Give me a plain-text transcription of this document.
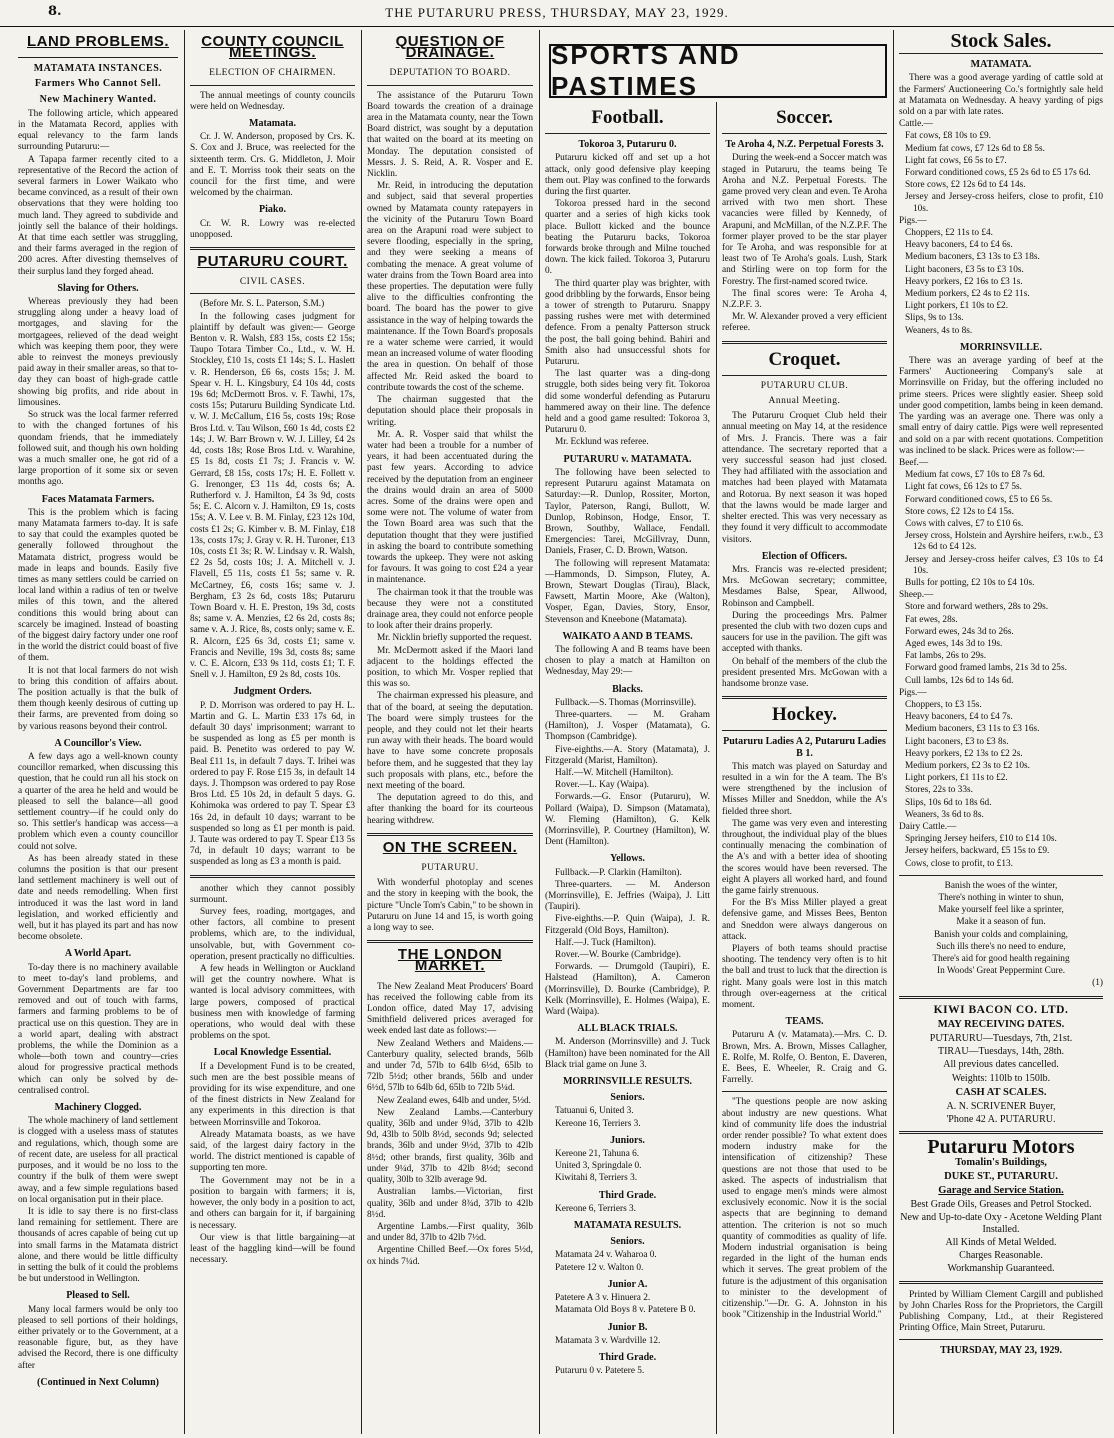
8.	THE PUTARURU PRESS, THURSDAY, MAY 23, 1929.
LAND PROBLEMS.
MATAMATA INSTANCES.
Farmers Who Cannot Sell.
New Machinery Wanted.

The following article, which appeared in the Matamata Record, applies with equal relevancy to the farm lands surrounding Putaruru:—

A Tapapa farmer recently cited to a representative of the Record the action of several farmers in Lower Waikato who became convinced, as a result of their own observations that they were holding too much land. They agreed to subdivide and jointly sell the balance of their holdings. At that time each settler was struggling, and their farms averaged in the region of 200 acres. After divesting themselves of their surplus land they forged ahead.

Slaving for Others.

Whereas previously they had been struggling along under a heavy load of mortgages, and slaving for the mortgagees, relieved of the dead weight which was keeping them poor, they were able to reinvest the moneys previously paid away in their smaller areas, so that to-day they can boast of high-grade cattle showing big profits, and ride about in limousines.

So struck was the local farmer referred to with the changed fortunes of his quondam friends, that he immediately followed suit, and though his own holding was a much smaller one, he got rid of a large proportion of it some six or seven months ago.

Faces Matamata Farmers.

This is the problem which is facing many Matamata farmers to-day. It is safe to say that could the examples quoted be generally followed throughout the Matamata district, progress would be made in leaps and bounds. Easily five times as many settlers could be carried on local land within a radius of ten or twelve miles of this town, and the altered conditions this would bring about can scarcely be imagined. Instead of boasting of the biggest dairy factory under one roof in the world the district could boast of five of them.

It is not that local farmers do not wish to bring this condition of affairs about. The position actually is that the bulk of them though keenly desirous of cutting up their farms, are prevented from doing so by various reasons beyond their control.

A Councillor's View.

A few days ago a well-known county councillor remarked, when discussing this question, that he could run all his stock on a quarter of the area he held and would be pleased to sell the balance—all good settlement country—if he could only do so. This settler's handicap was access—a problem which even a county councillor could not solve.

As has been already stated in these columns the position is that our present land settlement machinery is well out of date and needs remodelling. When first introduced it was the last word in land legislation, and worked efficiently and well, but it has played its part and has now become obsolete.

A World Apart.

To-day there is no machinery available to meet to-day's land problems, and Government Departments are far too removed and out of touch with farms, farmers and farming problems to be of practical use on this question. They are in a world apart, dealing with abstract problems, the while the Dominion as a whole—both town and country—cries aloud for progressive practical methods which can only be solved by de-centralised control.

Machinery Clogged.

The whole machinery of land settlement is clogged with a useless mass of statutes and regulations, which, though some are of recent date, are useless for all practical purposes, and it would be no loss to the country if the bulk of them were swept away, and a few simple regulations based on local organisation put in their place.

It is idle to say there is no first-class land remaining for settlement. There are thousands of acres capable of being cut up into small farms in the Matamata district alone, and there would be little difficulty in setting the bulk of it could the problems be but understood in Wellington.

Pleased to Sell.

Many local farmers would be only too pleased to sell portions of their holdings, either privately or to the Government, at a reasonable figure, but, as they have advised the Record, there is one difficulty after

(Continued in Next Column)
COUNTY COUNCIL MEETINGS.
ELECTION OF CHAIRMEN.

The annual meetings of county councils were held on Wednesday.

Matamata.

Cr. J. W. Anderson, proposed by Crs. K. S. Cox and J. Bruce, was reelected for the sixteenth term. Crs. G. Middleton, J. Moir and E. T. Morriss took their seats on the council for the first time, and were welcomed by the chairman.

Piako.

Cr. W. R. Lowry was re-elected unopposed.

PUTARURU COURT.
CIVIL CASES.

(Before Mr. S. L. Paterson, S.M.)

In the following cases judgment for plaintiff by default was given:— George Benton v. R. Walsh, £83 15s, costs £2 15s; Taupo Totara Timber Co., Ltd., v. W. H. Stockley, £10 1s, costs £1 14s; S. L. Haslett v. R. Henderson, £6 6s, costs 15s; J. M. Spear v. H. L. Kingsbury, £4 10s 4d, costs 19s 6d; McDermott Bros. v. F. Tawhi, 17s, costs 15s; Putaruru Building Syndicate Ltd. v. W. J. McCallum, £16 5s, costs 19s; Rose Bros Ltd. v. Tau Wilson, £60 1s 4d, costs £2 14s; J. W. Barr Brown v. W. J. Lilley, £4 2s 4d, costs 18s; Rose Bros Ltd. v. Warahine, £5 1s 8d, costs £1 7s; J. Francis v. W. Gerrard, £8 15s, costs 17s; H. E. Follett v. G. Irenonger, £3 11s 4d, costs 6s; A. Rutherford v. J. Hamilton, £4 3s 9d, costs 5s; E. C. Alcorn v. J. Hamilton, £9 1s, costs 15s; A. V. Lee v. B. M. Finlay, £23 12s 10d, costs £1 2s; G. Kimber v. B. M. Finlay, £18 13s, costs 17s; J. Gray v. R. H. Turoner, £13 10s, costs £1 3s; R. W. Lindsay v. R. Walsh, £2 2s 5d, costs 10s; J. A. Mitchell v. J. Flavell, £5 11s, costs £1 5s; same v. R. McCartney, £6, costs 16s; same v. J. Bergham, £3 2s 6d, costs 18s; Putaruru Town Board v. H. E. Preston, 19s 3d, costs 8s; same v. A. Menzies, £2 6s 2d, costs 8s; same v. A. J. Rice, 8s, costs only; same v. E. R. Alcorn, £25 6s 3d, costs £1; same v. Francis and Neville, 19s 3d, costs 8s; same v. C. E. Alcorn, £33 9s 11d, costs £1; T. F. Snell v. J. Hamilton, £9 2s 8d, costs 10s.

Judgment Orders.

P. D. Morrison was ordered to pay H. L. Martin and G. L. Martin £33 17s 6d, in default 30 days' imprisonment; warrant to be suspended as long as £5 per month is paid. B. Penetito was ordered to pay W. Beal £11 1s, in default 7 days. T. Irihei was ordered to pay F. Rose £15 3s, in default 14 days. J. Thompson was ordered to pay Rose Bros Ltd. £5 10s 2d, in default 5 days. G. Kohimoka was ordered to pay T. Spear £3 16s 2d, in default 10 days; warrant to be suspended so long as £1 per month is paid. J. Taute was ordered to pay T. Spear £13 5s 7d, in default 10 days; warrant to be suspended as long as £3 a month is paid.

another which they cannot possibly surmount.

Survey fees, roading, mortgages, and other factors, all combine to present problems, which are, to the individual, unsolvable, but, with Government co-operation, present practically no difficulties.

A few heads in Wellington or Auckland will get the country nowhere. What is wanted is local advisory committees, with large powers, composed of practical business men with knowledge of farming operations, who would deal with these problems on the spot.

Local Knowledge Essential.

If a Development Fund is to be created, such men are the best possible means of providing for its wise expenditure, and one of the finest districts in New Zealand for any experiments in this direction is that between Morrinsville and Tokoroa.

Already Matamata boasts, as we have said, of the largest dairy factory in the world. The district mentioned is capable of supporting ten more.

The Government may not be in a position to bargain with farmers; it is, however, the only body in a position to act, and others can bargain for it, if bargaining is necessary.

Our view is that little bargaining—at least of the haggling kind—will be found necessary.

QUESTION OF DRAINAGE.
DEPUTATION TO BOARD.

The assistance of the Putaruru Town Board towards the creation of a drainage area in the Matamata county, near the Town Board district, was sought by a deputation that waited on the board at its meeting on Monday. The deputation consisted of Messrs. J. S. Reid, A. R. Vosper and E. Nicklin.

Mr. Reid, in introducing the deputation and subject, said that several properties owned by Matamata county ratepayers in the vicinity of the Putaruru Town Board area on the Arapuni road were subject to severe flooding, especially in the spring, and they were seeking a means of combating the menace. A great volume of water drains from the Town Board area into these properties. The deputation were fully alive to the difficulties confronting the board. The board has the power to give assistance in the way of helping towards the maintenance. If the Town Board's proposals re a water scheme were carried, it would mean an increased volume of water flooding the area in question. On behalf of those affected Mr. Reid asked the board to contribute towards the cost of the scheme.

The chairman suggested that the deputation should place their proposals in writing.

Mr. A. R. Vosper said that whilst the water had been a trouble for a number of years, it had been accentuated during the past few years. According to advice received by the deputation from an engineer the drains would drain an area of 5000 acres. Some of the drains were open and some were not. The volume of water from the Town Board area was such that the deputation thought that they were justified in asking the board to contribute something towards the upkeep. They were not asking for favours. It was going to cost £24 a year in maintenance.

The chairman took it that the trouble was because they were not a constituted drainage area, they could not enforce people to look after their drains properly.

Mr. Nicklin briefly supported the request.

Mr. McDermott asked if the Maori land adjacent to the holdings effected the position, to which Mr. Vosper replied that this was so.

The chairman expressed his pleasure, and that of the board, at seeing the deputation. The board were simply trustees for the people, and they could not let their hearts run away with their heads. The board would have to have some concrete proposals before them, and he suggested that they lay such proposals with plans, etc., before the next meeting of the board.

The deputation agreed to do this, and after thanking the board for its courteous hearing withdrew.

ON THE SCREEN.
PUTARURU.

With wonderful photoplay and scenes and the story in keeping with the book, the picture "Uncle Tom's Cabin," to be shown in Putaruru on June 14 and 15, is worth going a long way to see.

THE LONDON MARKET.

The New Zealand Meat Producers' Board has received the following cable from its London office, dated May 17, advising Smithfield delivered prices averaged for week ended last date as follows:—

New Zealand Wethers and Maidens.—Canterbury quality, selected brands, 56lb and under 7d, 57lb to 64lb 6½d, 65lb to 72lb 5½d; other brands, 56lb and under 6½d, 57lb to 64lb 6d, 65lb to 72lb 5¼d.

New Zealand ewes, 64lb and under, 5½d.

New Zealand Lambs.—Canterbury quality, 36lb and under 9¾d, 37lb to 42lb 9d, 43lb to 50lb 8½d, seconds 9d; selected brands, 36lb and under 9½d, 37lb to 42lb 8½d; other brands, first quality, 36lb and under 9¼d, 37lb to 42lb 8½d; second quality, 30lb to 32lb average 9d.

Australian lambs.—Victorian, first quality, 36lb and under 8¾d, 37lb to 42lb 8½d.

Argentine Lambs.—First quality, 36lb and under 8d, 37lb to 42lb 7½d.

Argentine Chilled Beef.—Ox fores 5½d, ox hinds 7¼d.

SPORTS AND PASTIMES
Football.
Tokoroa 3, Putaruru 0.

Putaruru kicked off and set up a hot attack, only good defensive play keeping them out. Play was confined to the forwards during the first quarter.

Tokoroa pressed hard in the second quarter and a series of high kicks took place. Bullott kicked and the bounce beating the Putaruru backs, Tokoroa forwards broke through and Milne touched down. The kick failed. Tokoroa 3, Putaruru 0.

The third quarter play was brighter, with good dribbling by the forwards, Ensor being a tower of strength to Putaruru. Snappy passing rushes were met with determined defence. From a penalty Patterson struck the post, the ball going behind. Bahiri and Smith also had unsuccessful shots for Putaruru.

The last quarter was a ding-dong struggle, both sides being very fit. Tokoroa did some wonderful defending as Putaruru hammered away on their line. The defence held and a good game resulted: Tokoroa 3, Putaruru 0.

Mr. Ecklund was referee.

PUTARURU v. MATAMATA.

The following have been selected to represent Putaruru against Matamata on Saturday:—R. Dunlop, Rossiter, Morton, Taylor, Paterson, Rangi, Bullott, W. Dunlop, Robinson, Hodge, Ensor, T. Brown, Southby, Wallace, Fendall. Emergencies: Tarei, McGillvray, Dunn, Daniels, Fraser, C. D. Brown, Watson.

The following will represent Matamata:—Hammonds, D. Simpson, Flutey, A. Brown, Stewart Douglas (Tirau), Black, Fawsett, Martin Moore, Ake (Walton), Vosper, Egan, Davies, Story, Ensor, Stevenson and Kneebone (Matamata).

WAIKATO A AND B TEAMS.

The following A and B teams have been chosen to play a match at Hamilton on Wednesday, May 29:—

Blacks.

Fullback.—S. Thomas (Morrinsville).

Three-quarters. — M. Graham (Hamilton), J. Vosper (Matamata), G. Thompson (Cambridge).

Five-eighths.—A. Story (Matamata), J. Fitzgerald (Marist, Hamilton).

Half.—W. Mitchell (Hamilton).

Rover.—L. Kay (Waipa).

Forwards.—G. Ensor (Putaruru), W. Pollard (Waipa), D. Simpson (Matamata), W. Fleming (Hamilton), G. Kelk (Morrinsville), P. Courtney (Hamilton), W. Dent (Hamilton).

Yellows.

Fullback.—P. Clarkin (Hamilton).

Three-quarters. — M. Anderson (Morrinsville), E. Jeffries (Waipa), J. Litt (Taupiri).

Five-eighths.—P. Quin (Waipa), J. R. Fitzgerald (Old Boys, Hamilton).

Half.—J. Tuck (Hamilton).

Rover.—W. Bourke (Cambridge).

Forwards. — Drumgold (Taupiri), E. Halstead (Hamilton), A. Cameron (Morrinsville), D. Bourke (Cambridge), P. Kelk (Morrinsville), E. Holmes (Waipa), E. Ward (Waipa).

ALL BLACK TRIALS.

M. Anderson (Morrinsville) and J. Tuck (Hamilton) have been nominated for the All Black trial game on June 3.

MORRINSVILLE RESULTS.
Seniors.

Tatuanui 6, United 3.

Kereone 16, Terriers 3.

Juniors.

Kereone 21, Tahuna 6.

United 3, Springdale 0.

Kiwitahi 8, Terriers 3.

Third Grade.

Kereone 6, Terriers 3.

MATAMATA RESULTS.
Seniors.

Matamata 24 v. Waharoa 0.

Patetere 12 v. Walton 0.

Junior A.

Patetere A 3 v. Hinuera 2.

Matamata Old Boys 8 v. Patetere B 0.

Junior B.

Matamata 3 v. Wardville 12.

Third Grade.

Putaruru 0 v. Patetere 5.

Soccer.
Te Aroha 4, N.Z. Perpetual Forests 3.

During the week-end a Soccer match was staged in Putaruru, the teams being Te Aroha and N.Z. Perpetual Forests. The game proved very clean and even. Te Aroha arrived with two men short. These vacancies were filled by Kennedy, of Arapuni, and McMillan, of the N.Z.P.F. The former player proved to be the star player for Te Aroha, and was responsible for at least two of Te Aroha's goals. Lush, Stark and Stirling were on top form for the Forestry. The first-named scored twice.

The final scores were: Te Aroha 4, N.Z.P.F. 3.

Mr. W. Alexander proved a very efficient referee.

Croquet.
PUTARURU CLUB.
Annual Meeting.

The Putaruru Croquet Club held their annual meeting on May 14, at the residence of Mrs. J. Francis. There was a fair attendance. The secretary reported that a very successful season had just closed. They had affiliated with the association and matches had been played with Matamata and Rotorua. By next season it was hoped that the lawns would be made larger and shelter erected. This was very necessary as they found it very difficult to accommodate visitors.

Election of Officers.

Mrs. Francis was re-elected president; Mrs. McGowan secretary; committee, Mesdames Balse, Spear, Allwood, Robinson and Campbell.

During the proceedings Mrs. Palmer presented the club with two dozen cups and saucers for use in the pavilion. The gift was accepted with thanks.

On behalf of the members of the club the president presented Mrs. McGowan with a handsome bronze vase.

Hockey.
Putaruru Ladies A 2, Putaruru Ladies B 1.

This match was played on Saturday and resulted in a win for the A team. The B's were strengthened by the inclusion of Misses Miller and Sneddon, while the A's fielded three short.

The game was very even and interesting throughout, the individual play of the blues continually menacing the combination of the A's and with a better idea of shooting the scores would have been reversed. The eight A players all worked hard, and found the game fairly strenuous.

For the B's Miss Miller played a great defensive game, and Misses Bees, Benton and Sneddon were always dangerous on attack.

Players of both teams should practise shooting. The tendency very often is to hit the ball and trust to luck that the direction is right. Many goals were lost in this match through over-eagerness at the critical moment.

TEAMS.

Putaruru A (v. Matamata).—Mrs. C. D. Brown, Mrs. A. Brown, Misses Callagher, E. Rolfe, M. Rolfe, O. Benton, E. Daveren, E. Bees, E. Wheeler, R. Craig and G. Farrelly.

"The questions people are now asking about industry are new questions. What kind of community life does the industrial order render possible? To what extent does modern industry make for the intensification of citizenship? These questions are not those that used to be asked. The aspects of industrialism that used to engage men's minds were almost exclusively economic. Now it is the social aspects that are beginning to demand attention. The criterion is not so much quantity of commodities as quality of life. Modern industrial organisation is being regarded in the light of the human ends which it serves. The great problem of the future is the adjustment of this organisation to minister to the development of citizenship."—Dr. G. A. Johnston in his book "Citizenship in the Industrial World."

Stock Sales.
MATAMATA.

There was a good average yarding of cattle sold at the Farmers' Auctioneering Co.'s fortnightly sale held at Matamata on Wednesday. A heavy yarding of pigs sold on a par with late rates.

Cattle.—

Fat cows, £8 10s to £9.

Medium fat cows, £7 12s 6d to £8 5s.

Light fat cows, £6 5s to £7.

Forward conditioned cows, £5 2s 6d to £5 17s 6d.

Store cows, £2 12s 6d to £4 14s.

Jersey and Jersey-cross heifers, close to profit, £10 10s.

Pigs.—

Choppers, £2 11s to £4.

Heavy baconers, £4 to £4 6s.

Medium baconers, £3 13s to £3 18s.

Light baconers, £3 5s to £3 10s.

Heavy porkers, £2 16s to £3 1s.

Medium porkers, £2 4s to £2 11s.

Light porkers, £1 10s to £2.

Slips, 9s to 13s.

Weaners, 4s to 8s.

MORRINSVILLE.

There was an average yarding of beef at the Farmers' Auctioneering Company's sale at Morrinsville on Friday, but the offering included no prime steers. Prices were slightly easier. Sheep sold under good competition, lambs being in keen demand. The yarding was an average one. There was only a small entry of dairy cattle. Pigs were well represented and sold on a par with recent quotations. Competition was inclined to be slack. Prices were as follow:—

Beef.—

Medium fat cows, £7 10s to £8 7s 6d.

Light fat cows, £6 12s to £7 5s.

Forward conditioned cows, £5 to £6 5s.

Store cows, £2 12s to £4 15s.

Cows with calves, £7 to £10 6s.

Jersey cross, Holstein and Ayrshire heifers, r.w.b., £3 12s 6d to £4 12s.

Jersey and Jersey-cross heifer calves, £3 10s to £4 10s.

Bulls for potting, £2 10s to £4 10s.

Sheep.—

Store and forward wethers, 28s to 29s.

Fat ewes, 28s.

Forward ewes, 24s 3d to 26s.

Aged ewes, 14s 3d to 19s.

Fat lambs, 26s to 29s.

Forward good framed lambs, 21s 3d to 25s.

Cull lambs, 12s 6d to 14s 6d.

Pigs.—

Choppers, to £3 15s.

Heavy baconers, £4 to £4 7s.

Medium baconers, £3 11s to £3 16s.

Light baconers, £3 to £3 8s.

Heavy porkers, £2 13s to £2 2s.

Medium porkers, £2 3s to £2 10s.

Light porkers, £1 11s to £2.

Stores, 22s to 33s.

Slips, 10s 6d to 18s 6d.

Weaners, 3s 6d to 8s.

Dairy Cattle.—

Springing Jersey heifers, £10 to £14 10s.

Jersey heifers, backward, £5 15s to £9.

Cows, close to profit, to £13.

Banish the woes of the winter,

There's nothing in winter to shun,

Make yourself feel like a sprinter,

Make it a season of fun.

Banish your colds and complaining,

Such ills there's no need to endure,

There's aid for good health regaining

In Woods' Great Peppermint Cure.

(1)
KIWI BACON CO. LTD.
MAY RECEIVING DATES.
PUTARURU—Tuesdays, 7th, 21st.
TIRAU—Tuesdays, 14th, 28th.
All previous dates cancelled.
Weights: 110lb to 150lb.
CASH AT SCALES.
A. N. SCRIVENER Buyer,
'Phone 42 A. PUTARURU.
Putaruru Motors
Tomalin's Buildings,
DUKE ST., PUTARURU.
Garage and Service Station.
Best Grade Oils, Greases and Petrol Stocked.
New and Up-to-date Oxy - Acetone Welding Plant Installed.
All Kinds of Metal Welded.
Charges Reasonable.
Workmanship Guaranteed.

Printed by William Clement Cargill and published by John Charles Ross for the Proprietors, the Cargill Publishing Company, Ltd., at their Registered Printing Office, Main Street, Putaruru.

THURSDAY, MAY 23, 1929.
